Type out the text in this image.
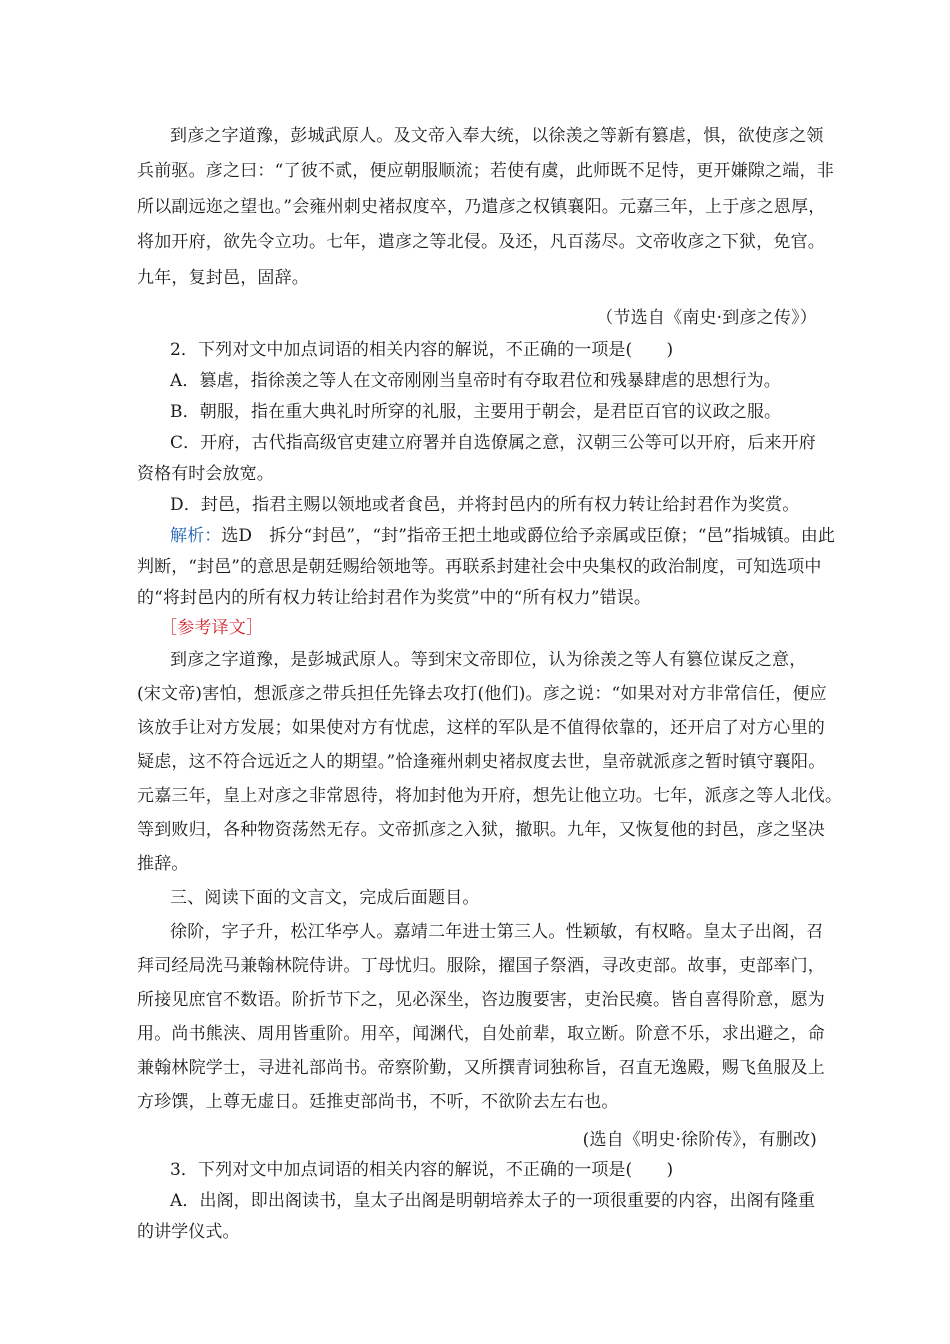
到彦之字道豫，彭城武原人。及文帝入奉大统，以徐羡之等新有篡虐，惧，欲使彦之领
兵前驱。彦之曰：“了彼不贰，便应朝服顺流；若使有虞，此师既不足恃，更开嫌隙之端，非
所以副远迩之望也。”会雍州刺史褚叔度卒，乃遣彦之权镇襄阳。元嘉三年，上于彦之恩厚，
将加开府，欲先令立功。七年，遣彦之等北侵。及还，凡百荡尽。文帝收彦之下狱，免官。
九年，复封邑，固辞。
（节选自《南史·到彦之传》）
2．下列对文中加点词语的相关内容的解说，不正确的一项是(　　)
A．篡虐，指徐羡之等人在文帝刚刚当皇帝时有夺取君位和残暴肆虐的思想行为。
B．朝服，指在重大典礼时所穿的礼服，主要用于朝会，是君臣百官的议政之服。
C．开府，古代指高级官吏建立府署并自选僚属之意，汉朝三公等可以开府，后来开府
资格有时会放宽。
D．封邑，指君主赐以领地或者食邑，并将封邑内的所有权力转让给封君作为奖赏。
解析：选D　拆分“封邑”，“封”指帝王把土地或爵位给予亲属或臣僚；“邑”指城镇。由此
判断，“封邑”的意思是朝廷赐给领地等。再联系封建社会中央集权的政治制度，可知选项中
的“将封邑内的所有权力转让给封君作为奖赏”中的“所有权力”错误。
［参考译文］
到彦之字道豫，是彭城武原人。等到宋文帝即位，认为徐羡之等人有篡位谋反之意，
(宋文帝)害怕，想派彦之带兵担任先锋去攻打(他们)。彦之说：“如果对对方非常信任，便应
该放手让对方发展；如果使对方有忧虑，这样的军队是不值得依靠的，还开启了对方心里的
疑虑，这不符合远近之人的期望。”恰逢雍州刺史褚叔度去世，皇帝就派彦之暂时镇守襄阳。
元嘉三年，皇上对彦之非常恩待，将加封他为开府，想先让他立功。七年，派彦之等人北伐。
等到败归，各种物资荡然无存。文帝抓彦之入狱，撤职。九年，又恢复他的封邑，彦之坚决
推辞。
三、阅读下面的文言文，完成后面题目。
徐阶，字子升，松江华亭人。嘉靖二年进士第三人。性颖敏，有权略。皇太子出阁，召
拜司经局洗马兼翰林院侍讲。丁母忧归。服除，擢国子祭酒，寻改吏部。故事，吏部率门，
所接见庶官不数语。阶折节下之，见必深坐，咨边腹要害，吏治民瘼。皆自喜得阶意，愿为
用。尚书熊浃、周用皆重阶。用卒，闻渊代，自处前辈，取立断。阶意不乐，求出避之，命
兼翰林院学士，寻进礼部尚书。帝察阶勤，又所撰青词独称旨，召直无逸殿，赐飞鱼服及上
方珍馔，上尊无虚日。廷推吏部尚书，不听，不欲阶去左右也。
(选自《明史·徐阶传》，有删改)
3．下列对文中加点词语的相关内容的解说，不正确的一项是(　　)
A．出阁，即出阁读书，皇太子出阁是明朝培养太子的一项很重要的内容，出阁有隆重
的讲学仪式。
